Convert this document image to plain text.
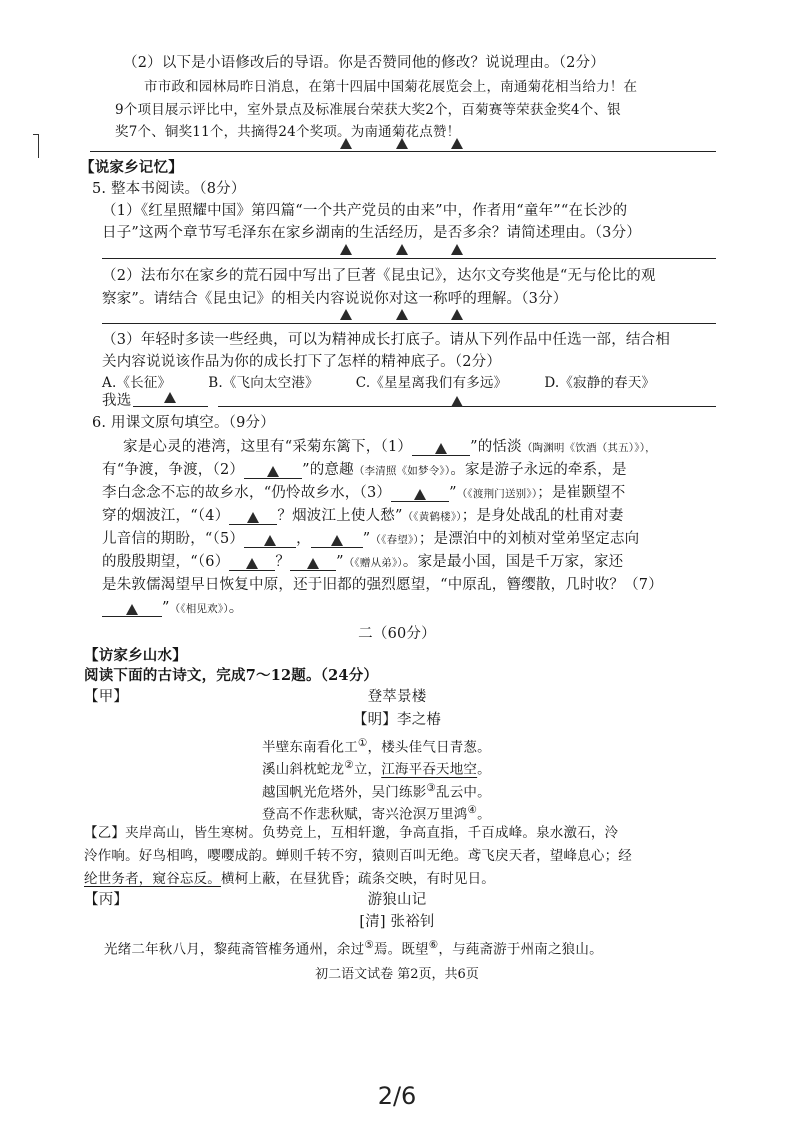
（2）以下是小语修改后的导语。你是否赞同他的修改？说说理由。（2分）
市市政和园林局昨日消息，在第十四届中国菊花展览会上，南通菊花相当给力！在
9个项目展示评比中，室外景点及标准展台荣获大奖2个，百菊赛等荣获金奖4个、银
奖7个、铜奖11个，共摘得24个奖项。为南通菊花点赞！
【说家乡记忆】
5. 整本书阅读。（8分）
（1）《红星照耀中国》第四篇“一个共产党员的由来”中，作者用“童年”“在长沙的
日子”这两个章节写毛泽东在家乡湖南的生活经历，是否多余？请简述理由。（3分）
（2）法布尔在家乡的荒石园中写出了巨著《昆虫记》，达尔文夸奖他是“无与伦比的观
察家”。请结合《昆虫记》的相关内容说说你对这一称呼的理解。（3分）
（3）年轻时多读一些经典，可以为精神成长打底子。请从下列作品中任选一部，结合相
关内容说说该作品为你的成长打下了怎样的精神底子。（2分）
A.《长征》	B.《飞向太空港》	C.《星星离我们有多远》	D.《寂静的春天》
我选
6. 用课文原句填空。（9分）
家是心灵的港湾，这里有“采菊东篱下，（1）	”的恬淡（陶渊明《饮酒（其五）》），
有“争渡，争渡，（2）	”的意趣（李清照《如梦令》）。家是游子永远的牵系，是
李白念念不忘的故乡水，“仍怜故乡水，（3）	”（《渡荆门送别》）；是崔颢望不
穿的烟波江，“（4）	？烟波江上使人愁”（《黄鹤楼》）；是身处战乱的杜甫对妻
儿音信的期盼，“（5）	，	”（《春望》）；是漂泊中的刘桢对堂弟坚定志向
的殷殷期望，“（6）	？	”（《赠从弟》）。家是最小国，国是千万家，家还
是朱敦儒渴望早日恢复中原，还于旧都的强烈愿望，“中原乱，簪缨散，几时收？（7）
”（《相见欢》）。
二（60分）
【访家乡山水】
阅读下面的古诗文，完成7～12题。（24分）
【甲】	登萃景楼
【明】李之椿
半壁东南看化工①，楼头佳气日青葱。
溪山斜枕蛇龙②立，江海平吞天地空。
越国帆光危塔外，吴门练影③乱云中。
登高不作悲秋赋，寄兴沧溟万里鸿④。
【乙】夹岸高山，皆生寒树。负势竞上，互相轩邈，争高直指，千百成峰。泉水激石，泠
泠作响。好鸟相鸣，嘤嘤成韵。蝉则千转不穷，猿则百叫无绝。鸢飞戾天者，望峰息心；经
纶世务者，窥谷忘反。横柯上蔽，在昼犹昏；疏条交映，有时见日。
【丙】	游狼山记
[清] 张裕钊
光绪二年秋八月，黎莼斋管榷务通州，余过⑤焉。既望⑥，与莼斋游于州南之狼山。
初二语文试卷 第2页，共6页
2/6
